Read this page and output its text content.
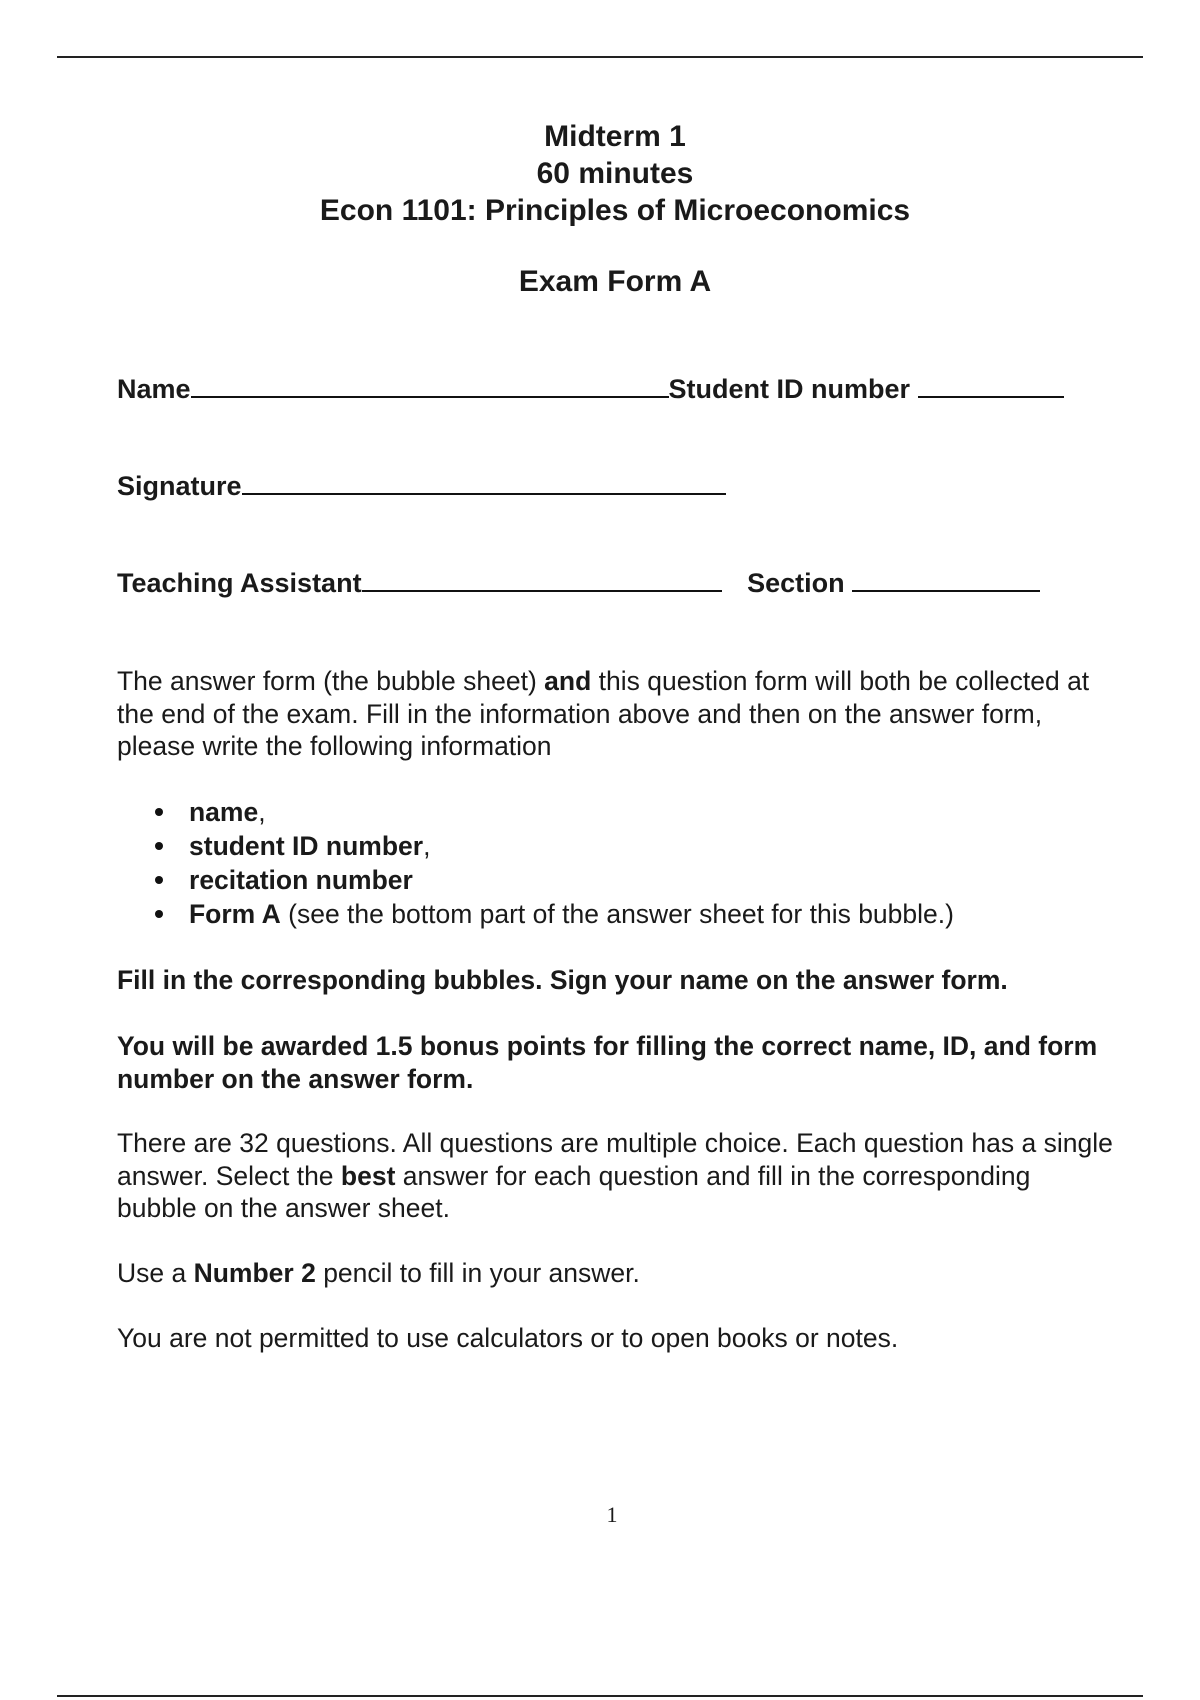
Midterm 1
60 minutes
Econ 1101: Principles of Microeconomics
Exam Form A
Name	Student ID number
Signature
Teaching Assistant	Section
The answer form (the bubble sheet) and this question form will both be collected at the end of the exam. Fill in the information above and then on the answer form, please write the following information
name,
student ID number,
recitation number
Form A (see the bottom part of the answer sheet for this bubble.)
Fill in the corresponding bubbles. Sign your name on the answer form.
You will be awarded 1.5 bonus points for filling the correct name, ID, and form number on the answer form.
There are 32 questions. All questions are multiple choice. Each question has a single answer. Select the best answer for each question and fill in the corresponding bubble on the answer sheet.
Use a Number 2 pencil to fill in your answer.
You are not permitted to use calculators or to open books or notes.
1
